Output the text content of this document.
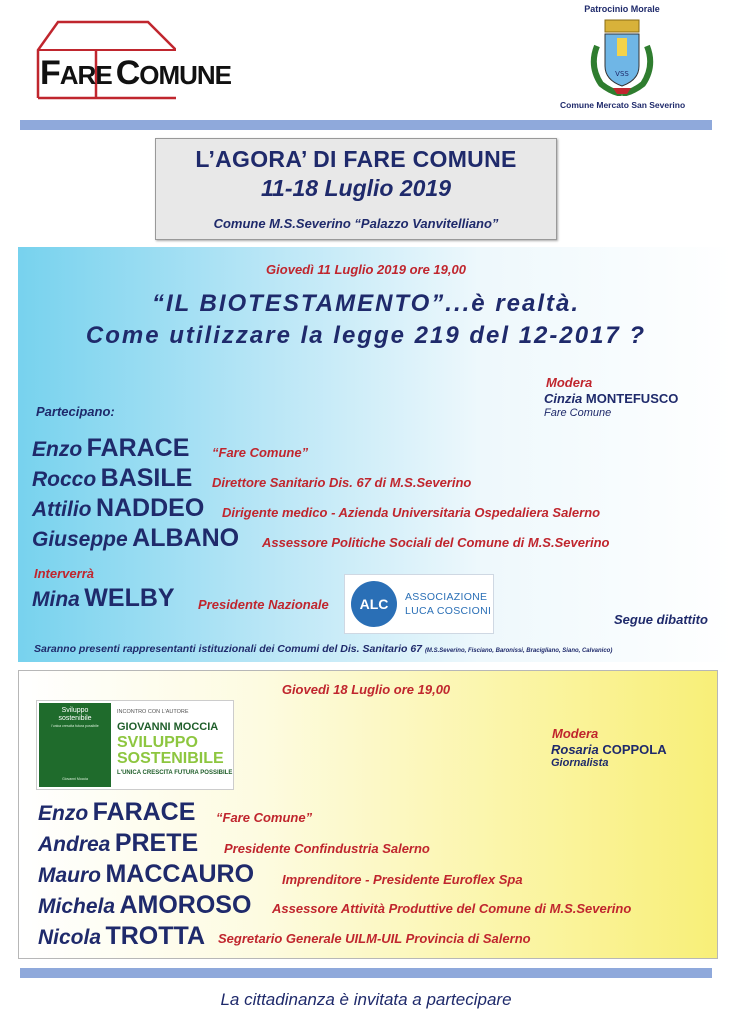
FARE COMUNE
Patrocinio Morale
VSS
Comune Mercato San Severino
L’AGORA’ DI FARE COMUNE
11-18 Luglio 2019
Comune M.S.Severino “Palazzo Vanvitelliano”
Giovedì 11 Luglio 2019 ore 19,00
“IL BIOTESTAMENTO”...è realtà.
Come utilizzare la legge 219 del 12-2017 ?
Modera
Cinzia MONTEFUSCO
Fare Comune
Partecipano:
Enzo FARACE “Fare Comune”
Rocco BASILE Direttore Sanitario Dis. 67 di M.S.Severino
Attilio NADDEO Dirigente medico - Azienda Universitaria Ospedaliera Salerno
Giuseppe ALBANO Assessore Politiche Sociali del Comune di M.S.Severino
Interverrà
Mina WELBY Presidente Nazionale	ALC	ASSOCIAZIONE
LUCA COSCIONI
Segue dibattito
Saranno presenti rappresentanti istituzionali dei Comumi del Dis. Sanitario 67 (M.S.Severino, Fisciano, Baronissi, Bracigliano, Siano, Calvanico)
Giovedì 18 Luglio ore 19,00
Sviluppo
sostenibile
l'unica crescita futura possibile
Giovanni Moccia
INCONTRO CON L'AUTORE
GIOVANNI MOCCIA
SVILUPPO
SOSTENIBILE
L'UNICA CRESCITA FUTURA POSSIBILE
Modera
Rosaria COPPOLA
Giornalista
Enzo FARACE “Fare Comune”
Andrea PRETE Presidente Confindustria Salerno
Mauro MACCAURO Imprenditore - Presidente Euroflex Spa
Michela AMOROSO Assessore Attività Produttive del Comune di M.S.Severino
Nicola TROTTA Segretario Generale UILM-UIL Provincia di Salerno
La cittadinanza è invitata a partecipare
